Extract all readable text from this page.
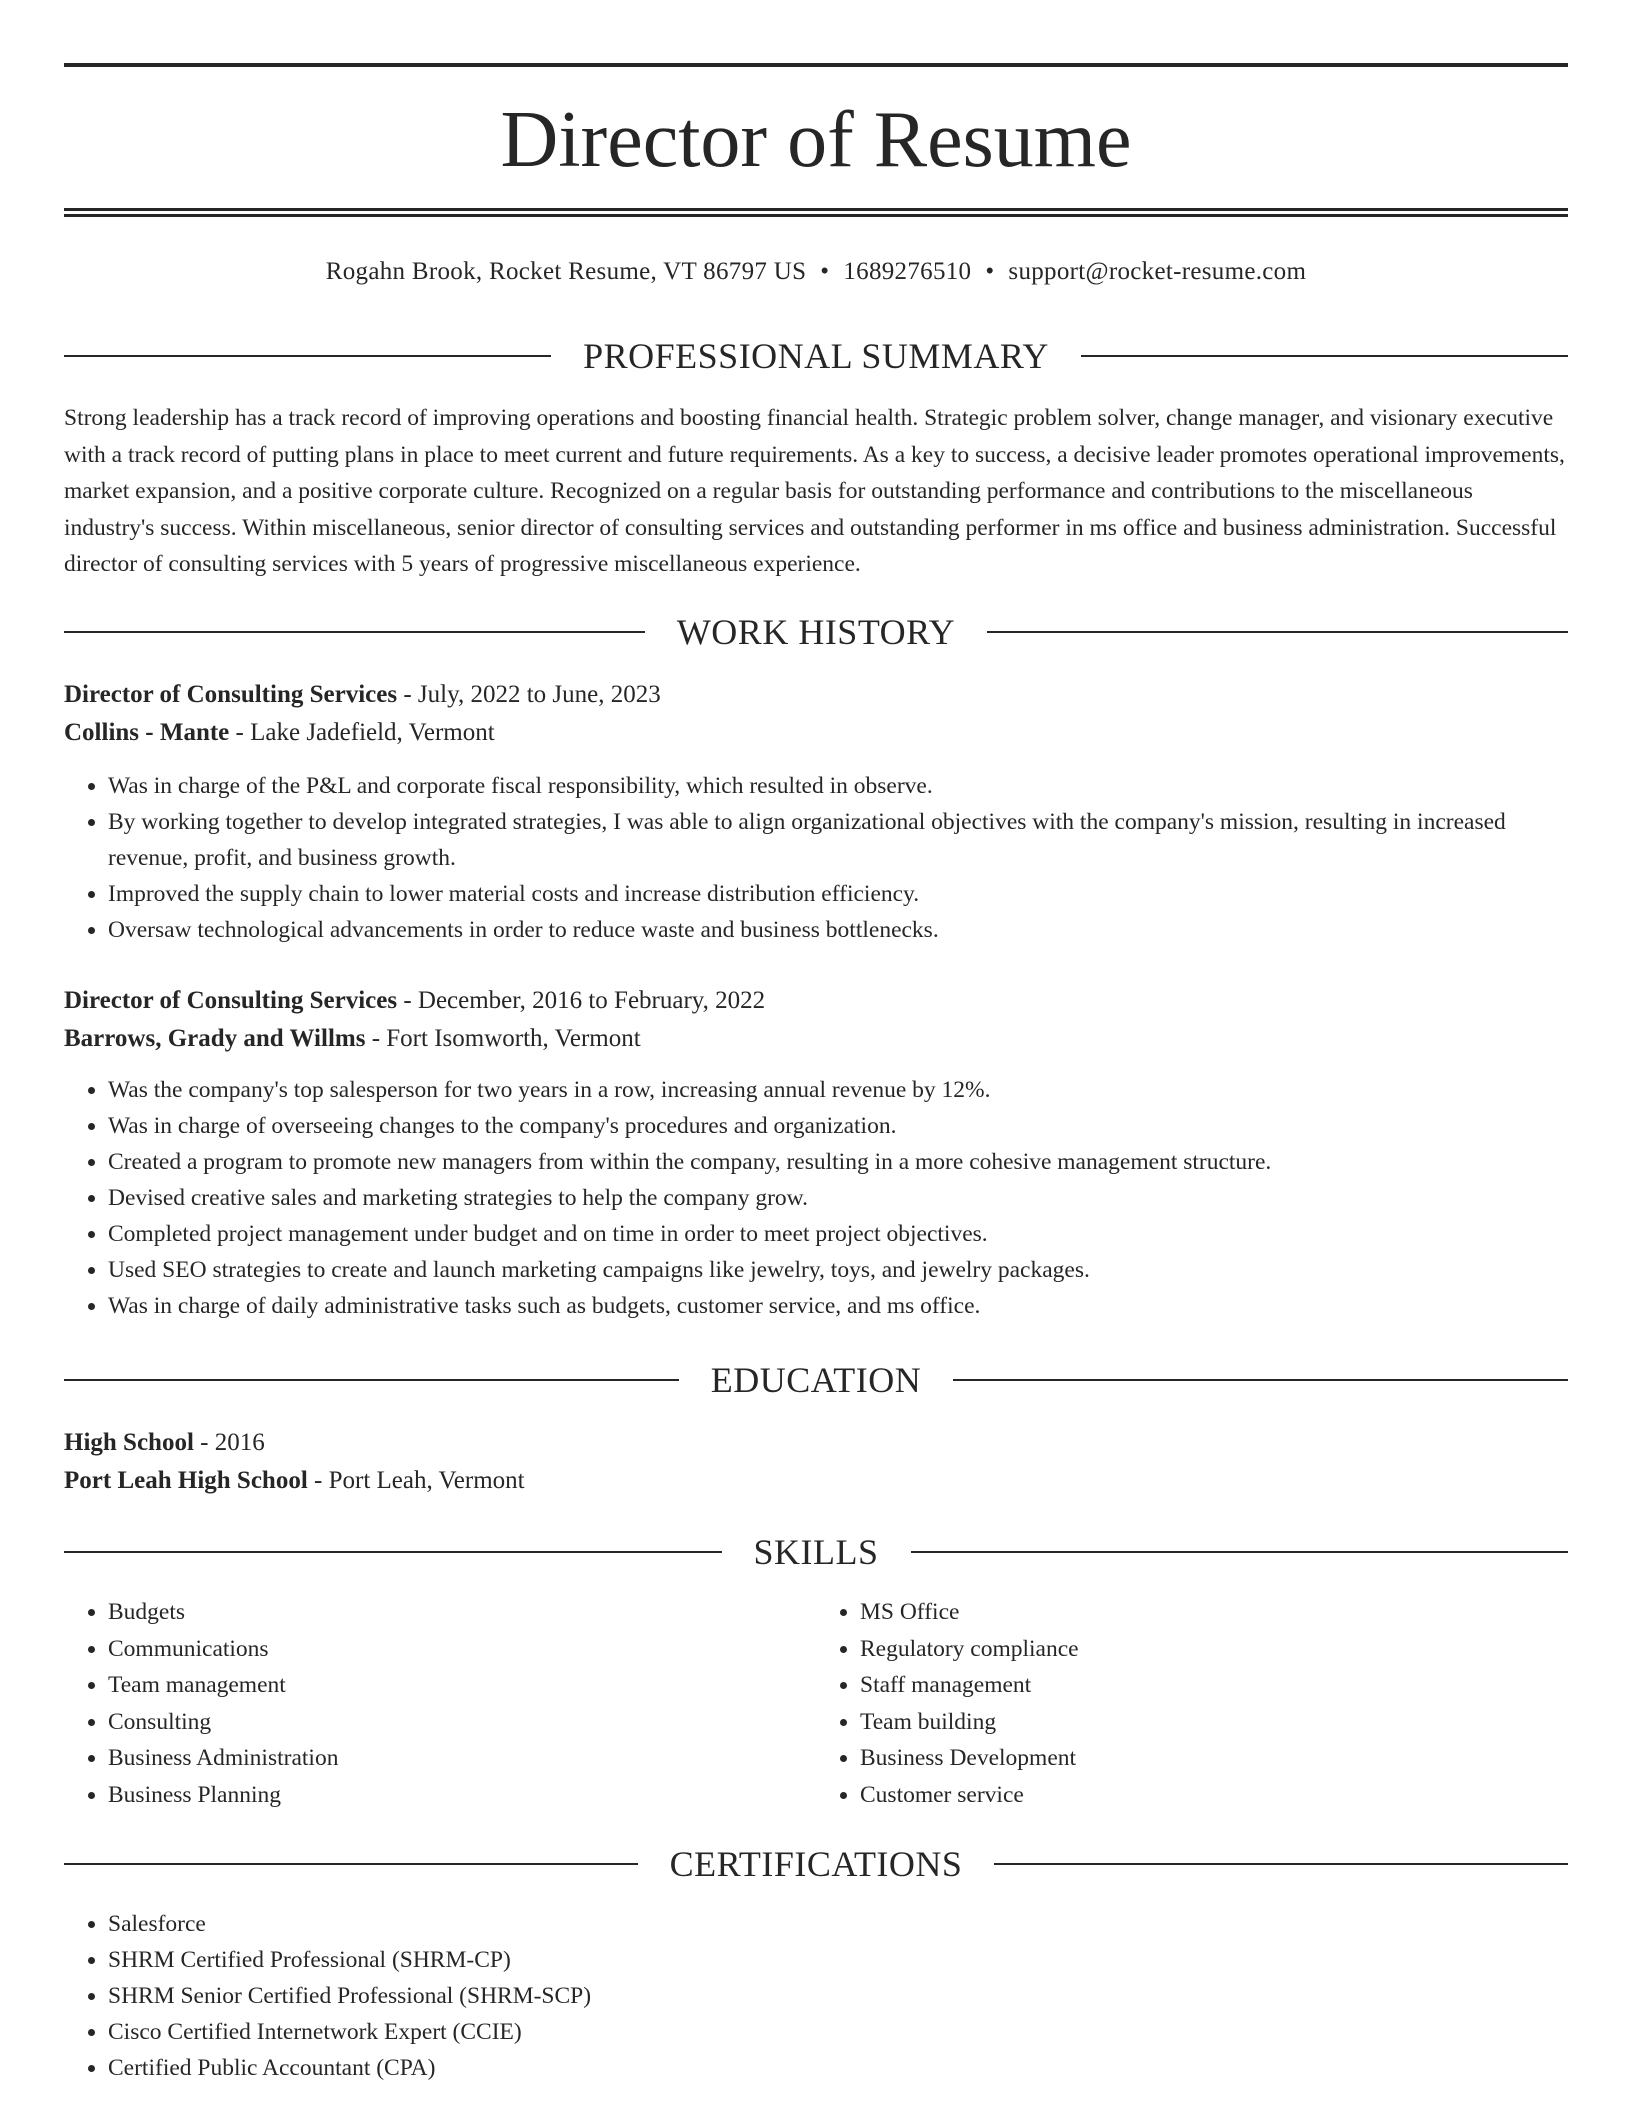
Director of Resume
Rogahn Brook, Rocket Resume, VT 86797 US • 1689276510 • support@rocket-resume.com
PROFESSIONAL SUMMARY
Strong leadership has a track record of improving operations and boosting financial health. Strategic problem solver, change manager, and visionary executive with a track record of putting plans in place to meet current and future requirements. As a key to success, a decisive leader promotes operational improvements, market expansion, and a positive corporate culture. Recognized on a regular basis for outstanding performance and contributions to the miscellaneous industry's success. Within miscellaneous, senior director of consulting services and outstanding performer in ms office and business administration. Successful director of consulting services with 5 years of progressive miscellaneous experience.
WORK HISTORY
Director of Consulting Services - July, 2022 to June, 2023
Collins - Mante - Lake Jadefield, Vermont
• Was in charge of the P&L and corporate fiscal responsibility, which resulted in observe.
• By working together to develop integrated strategies, I was able to align organizational objectives with the company's mission, resulting in increased revenue, profit, and business growth.
• Improved the supply chain to lower material costs and increase distribution efficiency.
• Oversaw technological advancements in order to reduce waste and business bottlenecks.
Director of Consulting Services - December, 2016 to February, 2022
Barrows, Grady and Willms - Fort Isomworth, Vermont
• Was the company's top salesperson for two years in a row, increasing annual revenue by 12%.
• Was in charge of overseeing changes to the company's procedures and organization.
• Created a program to promote new managers from within the company, resulting in a more cohesive management structure.
• Devised creative sales and marketing strategies to help the company grow.
• Completed project management under budget and on time in order to meet project objectives.
• Used SEO strategies to create and launch marketing campaigns like jewelry, toys, and jewelry packages.
• Was in charge of daily administrative tasks such as budgets, customer service, and ms office.
EDUCATION
High School - 2016
Port Leah High School - Port Leah, Vermont
SKILLS
• Budgets
• Communications
• Team management
• Consulting
• Business Administration
• Business Planning
• MS Office
• Regulatory compliance
• Staff management
• Team building
• Business Development
• Customer service
CERTIFICATIONS
• Salesforce
• SHRM Certified Professional (SHRM-CP)
• SHRM Senior Certified Professional (SHRM-SCP)
• Cisco Certified Internetwork Expert (CCIE)
• Certified Public Accountant (CPA)
